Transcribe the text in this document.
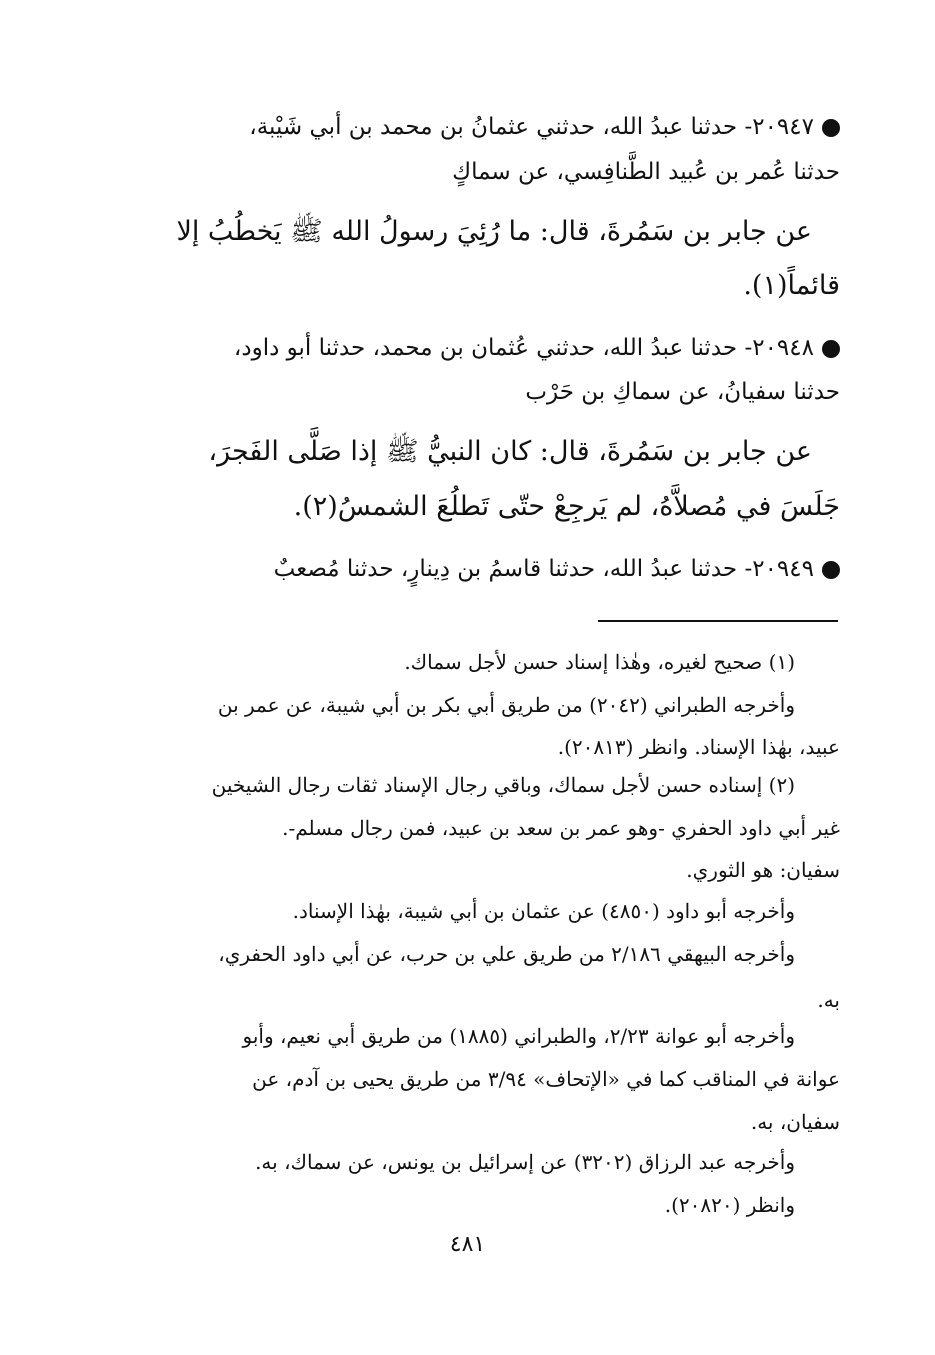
٢٠٩٤٧- حدثنا عبدُ الله، حدثني عثمانُ بن محمد بن أبي شَيْبة،
حدثنا عُمر بن عُبيد الطَّنافِسي، عن سماكٍ
عن جابر بن سَمُرةَ، قال: ما رُئِيَ رسولُ الله ﷺ يَخطُبُ إلا
قائماً(١).
٢٠٩٤٨- حدثنا عبدُ الله، حدثني عُثمان بن محمد، حدثنا أبو داود،
حدثنا سفيانُ، عن سماكِ بن حَرْب
عن جابر بن سَمُرةَ، قال: كان النبيُّ ﷺ إذا صَلَّى الفَجرَ،
جَلَسَ في مُصلاَّهُ، لم يَرجِعْ حتّى تَطلُعَ الشمسُ(٢).
٢٠٩٤٩- حدثنا عبدُ الله، حدثنا قاسمُ بن دِينارٍ، حدثنا مُصعبٌ
(١) صحيح لغيره، وهٰذا إسناد حسن لأجل سماك.
وأخرجه الطبراني (٢٠٤٢) من طريق أبي بكر بن أبي شيبة، عن عمر بن
عبيد، بهٰذا الإسناد. وانظر (٢٠٨١٣).
(٢) إسناده حسن لأجل سماك، وباقي رجال الإسناد ثقات رجال الشيخين
غير أبي داود الحفري -وهو عمر بن سعد بن عبيد، فمن رجال مسلم-.
سفيان: هو الثوري.
وأخرجه أبو داود (٤٨٥٠) عن عثمان بن أبي شيبة، بهٰذا الإسناد.
وأخرجه البيهقي ٢/١٨٦ من طريق علي بن حرب، عن أبي داود الحفري،
به.
وأخرجه أبو عوانة ٢/٢٣، والطبراني (١٨٨٥) من طريق أبي نعيم، وأبو
عوانة في المناقب كما في «الإتحاف» ٣/٩٤ من طريق يحيى بن آدم، عن
سفيان، به.
وأخرجه عبد الرزاق (٣٢٠٢) عن إسرائيل بن يونس، عن سماك، به.
وانظر (٢٠٨٢٠).
٤٨١
